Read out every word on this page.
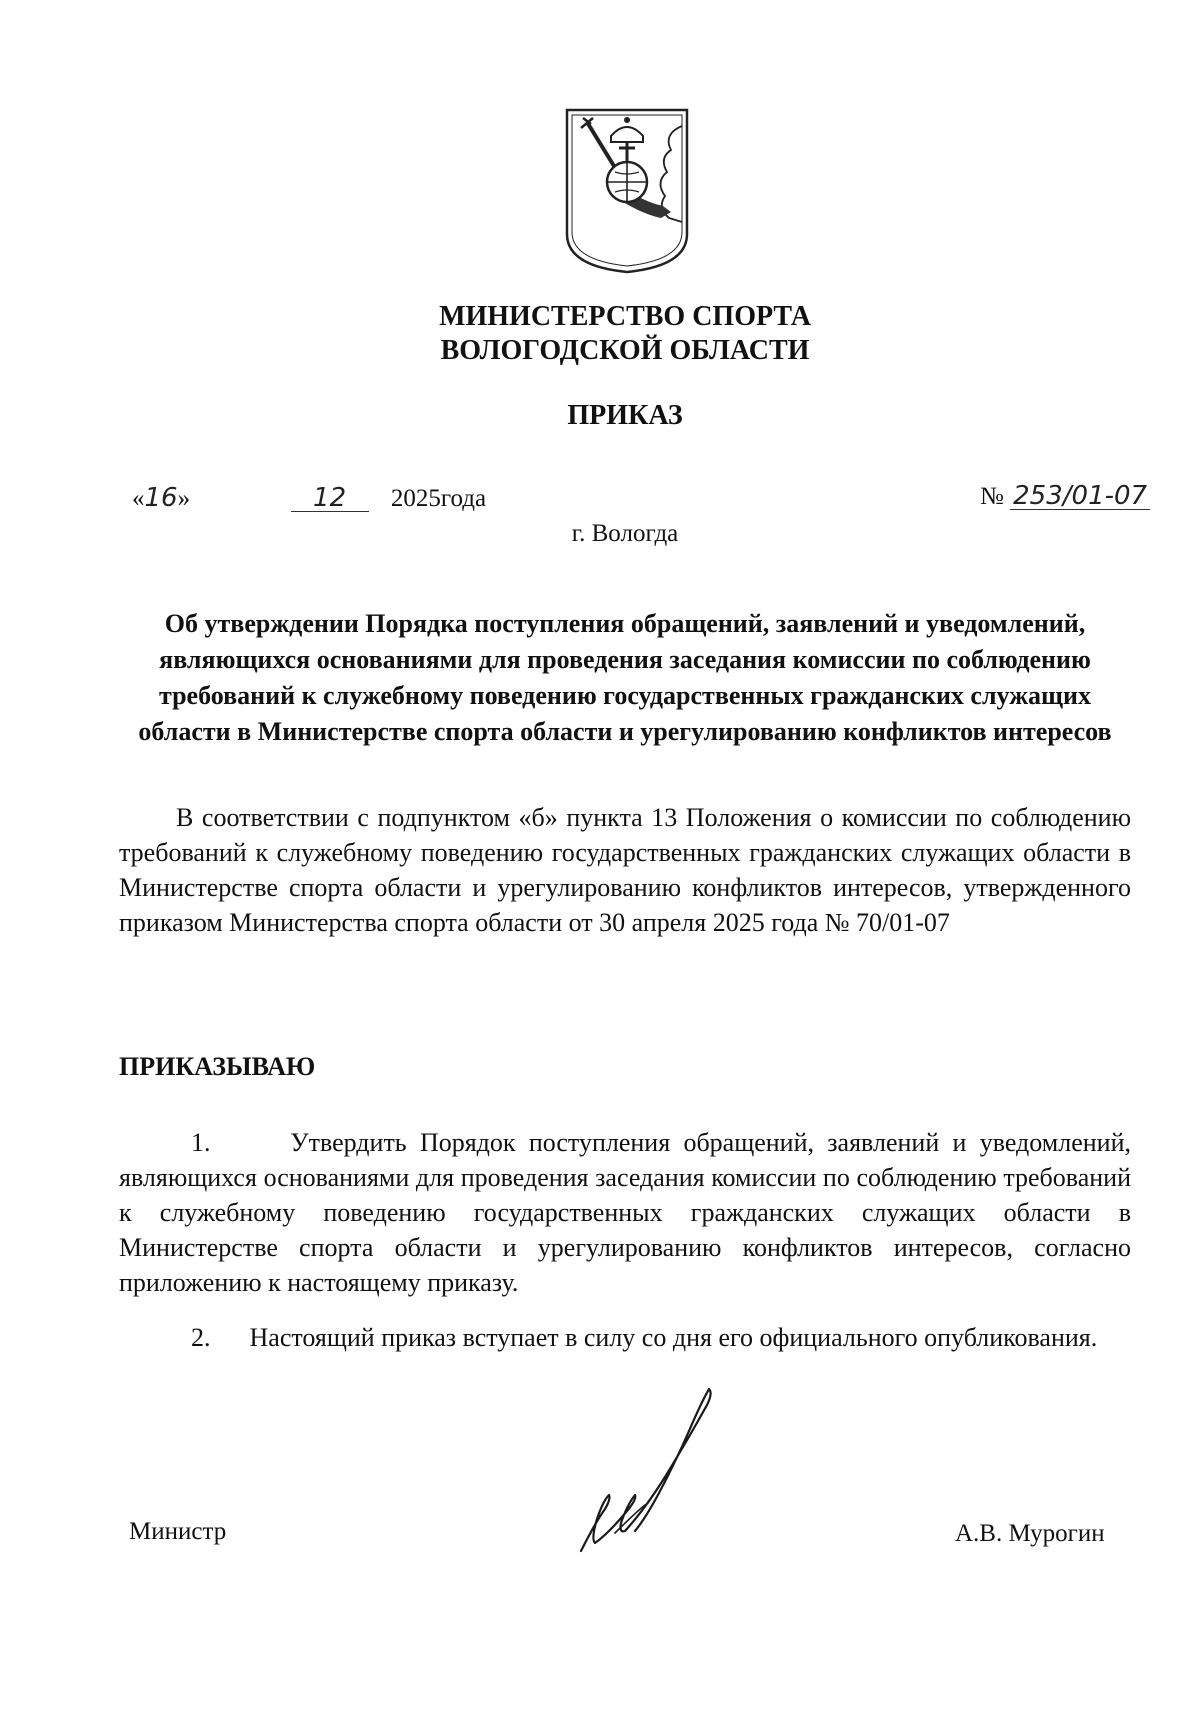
МИНИСТЕРСТВО СПОРТА
ВОЛОГОДСКОЙ ОБЛАСТИ
ПРИКАЗ
«16»	12 2025года	№ 253/01-07
г. Вологда
Об утверждении Порядка поступления обращений, заявлений и уведомлений, являющихся основаниями для проведения заседания комиссии по соблюдению требований к служебному поведению государственных гражданских служащих области в Министерстве спорта области и урегулированию конфликтов интересов
В соответствии с подпунктом «б» пункта 13 Положения о комиссии по соблюдению требований к служебному поведению государственных гражданских служащих области в Министерстве спорта области и урегулированию конфликтов интересов, утвержденного приказом Министерства спорта области от 30 апреля 2025 года № 70/01-07
ПРИКАЗЫВАЮ
1.	Утвердить Порядок поступления обращений, заявлений и уведомлений, являющихся основаниями для проведения заседания комиссии по соблюдению требований к служебному поведению государственных гражданских служащих области в Министерстве спорта области и урегулированию конфликтов интересов, согласно приложению к настоящему приказу.
2. Настоящий приказ вступает в силу со дня его официального опубликования.
Министр	А.В. Мурогин
